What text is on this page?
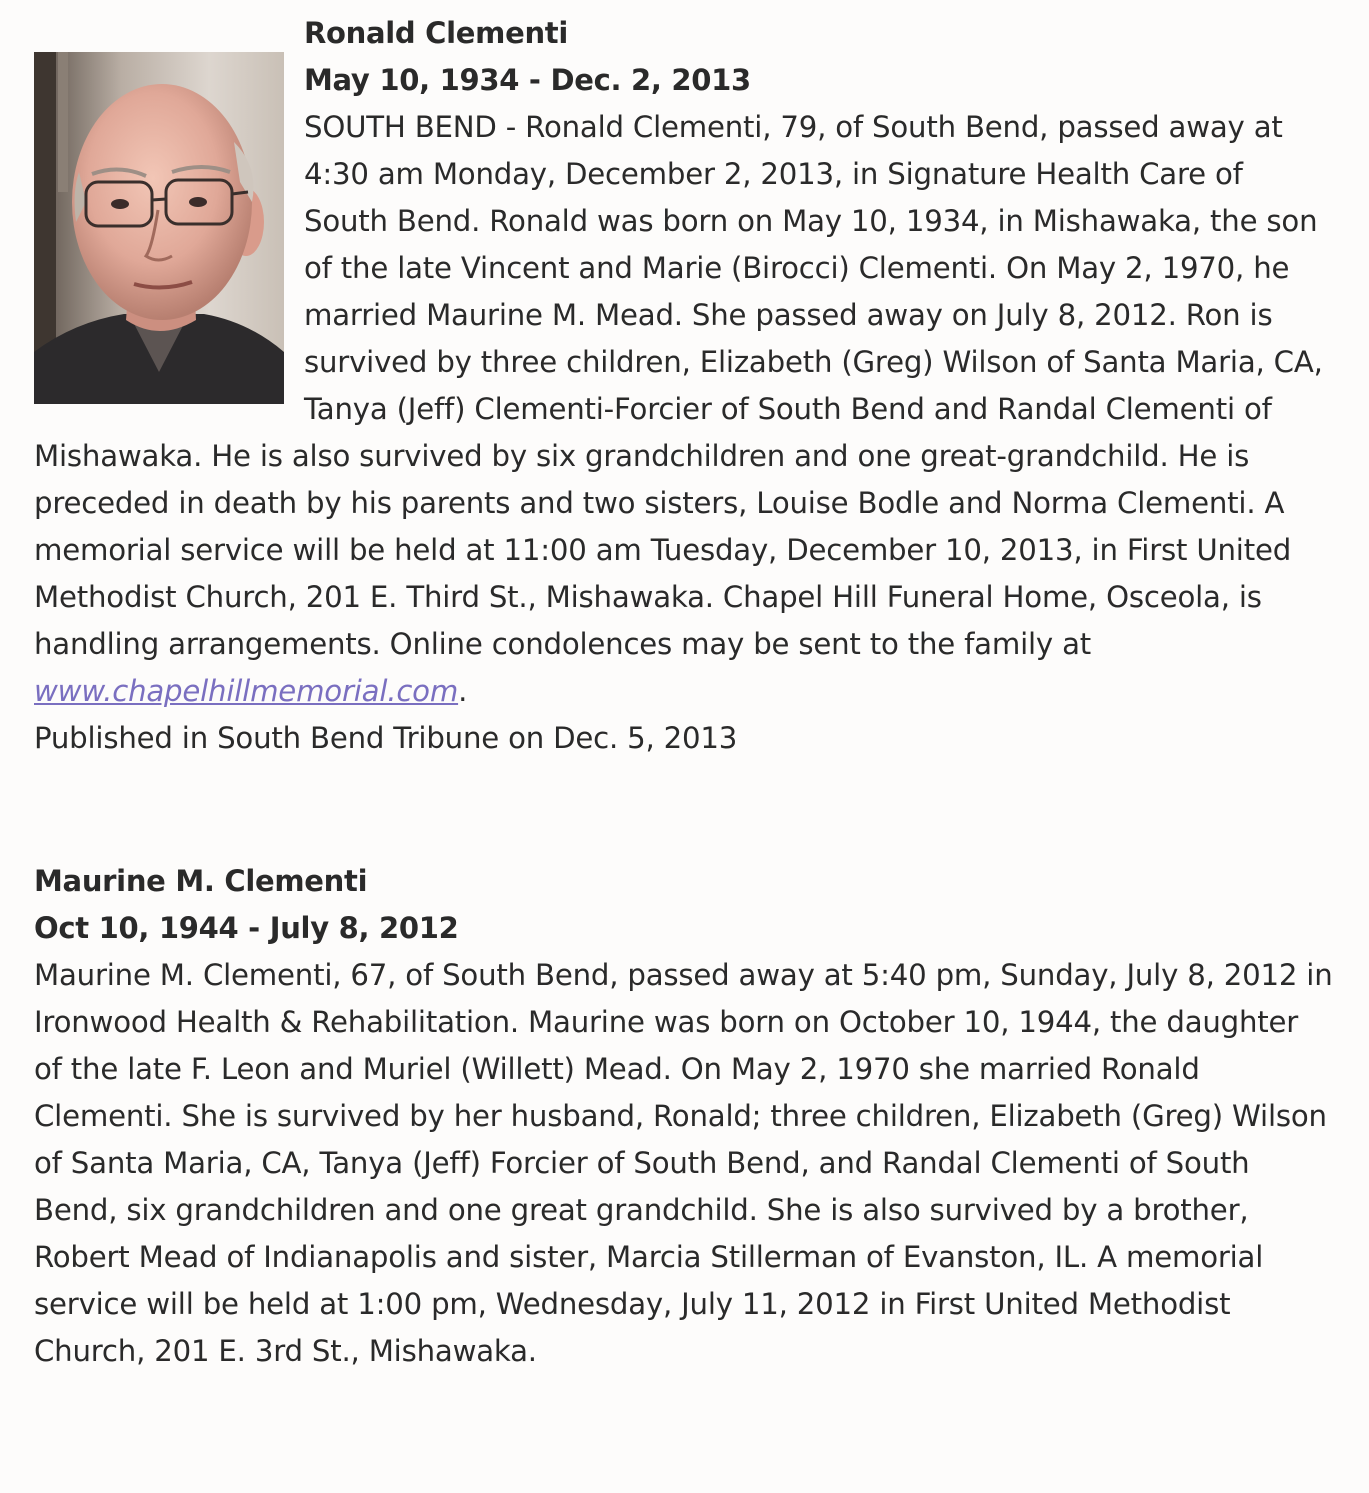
Ronald Clementi
May 10, 1934 - Dec. 2, 2013

SOUTH BEND - Ronald Clementi, 79, of South Bend, passed away at 4:30 am Monday, December 2, 2013, in Signature Health Care of South Bend. Ronald was born on May 10, 1934, in Mishawaka, the son of the late Vincent and Marie (Birocci) Clementi. On May 2, 1970, he married Maurine M. Mead. She passed away on July 8, 2012. Ron is survived by three children, Elizabeth (Greg) Wilson of Santa Maria, CA, Tanya (Jeff) Clementi-Forcier of South Bend and Randal Clementi of Mishawaka. He is also survived by six grandchildren and one great-grandchild. He is preceded in death by his parents and two sisters, Louise Bodle and Norma Clementi. A memorial service will be held at 11:00 am Tuesday, December 10, 2013, in First United Methodist Church, 201 E. Third St., Mishawaka. Chapel Hill Funeral Home, Osceola, is handling arrangements. Online condolences may be sent to the family at www.chapelhillmemorial.com.

Published in South Bend Tribune on Dec. 5, 2013

Maurine M. Clementi
Oct 10, 1944 - July 8, 2012

Maurine M. Clementi, 67, of South Bend, passed away at 5:40 pm, Sunday, July 8, 2012 in Ironwood Health & Rehabilitation. Maurine was born on October 10, 1944, the daughter of the late F. Leon and Muriel (Willett) Mead. On May 2, 1970 she married Ronald Clementi. She is survived by her husband, Ronald; three children, Elizabeth (Greg) Wilson of Santa Maria, CA, Tanya (Jeff) Forcier of South Bend, and Randal Clementi of South Bend, six grandchildren and one great grandchild. She is also survived by a brother, Robert Mead of Indianapolis and sister, Marcia Stillerman of Evanston, IL. A memorial service will be held at 1:00 pm, Wednesday, July 11, 2012 in First United Methodist Church, 201 E. 3rd St., Mishawaka.
